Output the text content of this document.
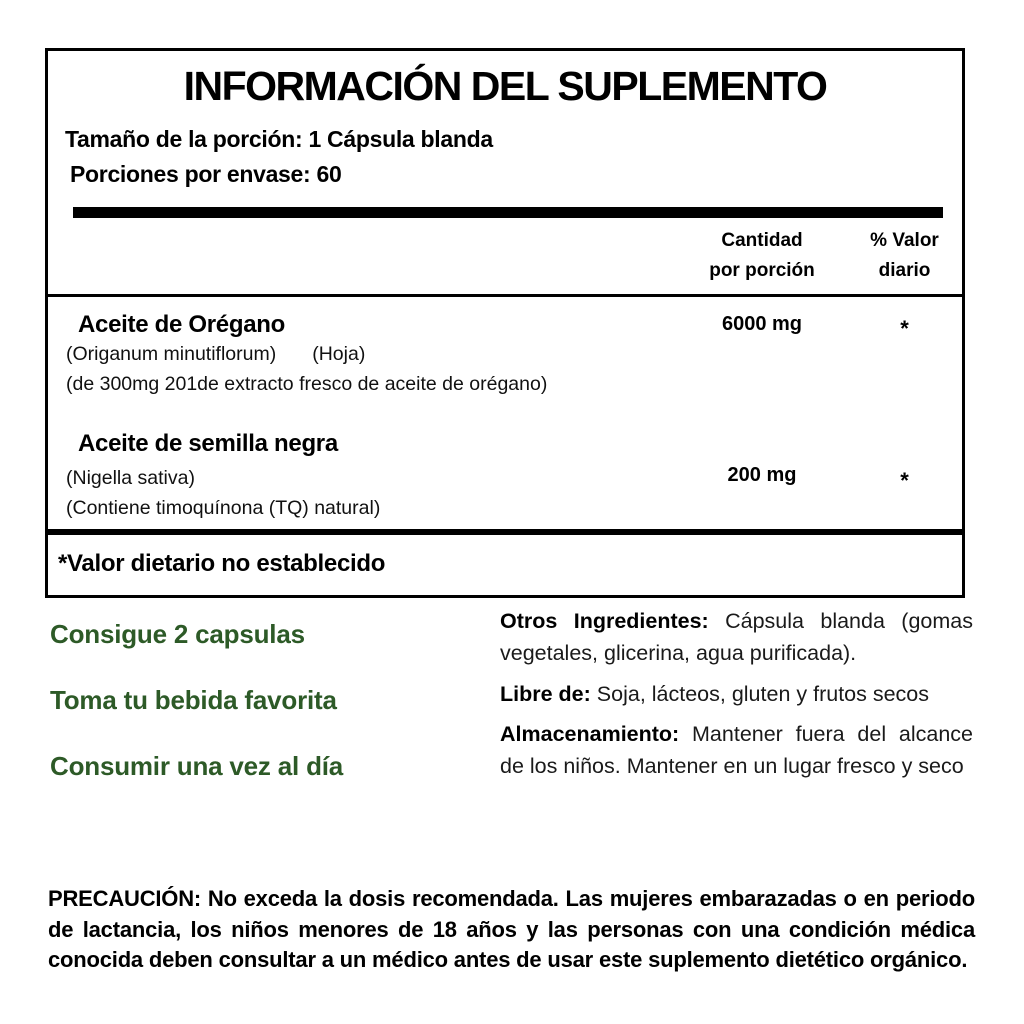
INFORMACIÓN DEL SUPLEMENTO
Tamaño de la porción: 1 Cápsula blanda
Porciones por envase: 60
Cantidad
por porción
% Valor
diario
Aceite de Orégano
(Origanum minutiflorum) (Hoja)
(de 300mg 201de extracto fresco de aceite de orégano)
6000 mg	*
Aceite de semilla negra
(Nigella sativa)	200 mg	*
(Contiene timoquínona (TQ) natural)
*Valor dietario no establecido
Consigue 2 capsulas
Toma tu bebida favorita
Consumir una vez al día

Otros Ingredientes: Cápsula blanda (gomas vegetales, glicerina, agua purificada).

Libre de: Soja, lácteos, gluten y frutos secos

Almacenamiento: Mantener fuera del alcance de los niños. Mantener en un lugar fresco y seco

PRECAUCIÓN: No exceda la dosis recomendada. Las mujeres embarazadas o en periodo de lactancia, los niños menores de 18 años y las personas con una condición médica conocida deben consultar a un médico antes de usar este suplemento dietético orgánico.
